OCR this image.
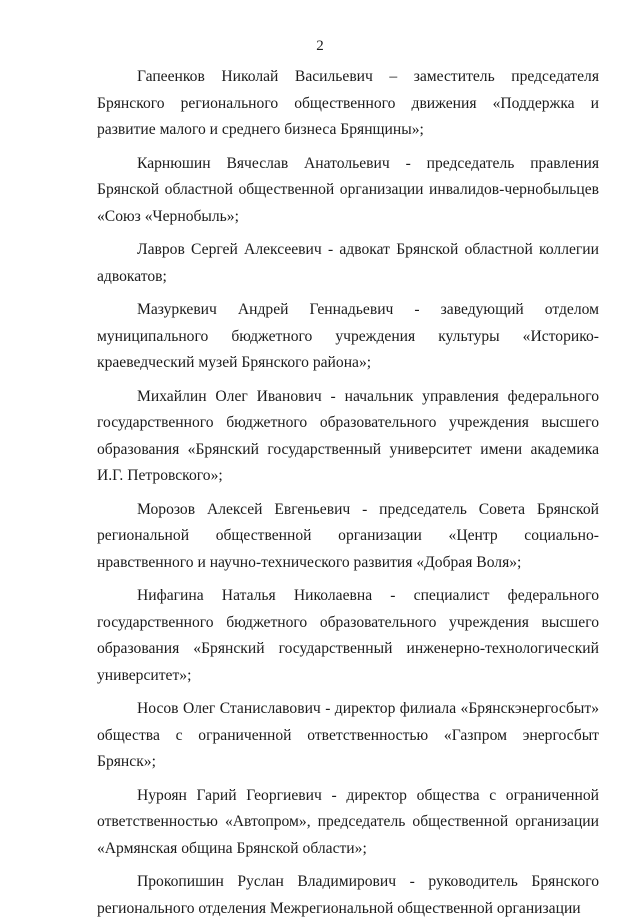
2

Гапеенков Николай Васильевич – заместитель председателя Брянского регионального общественного движения «Поддержка и развитие малого и среднего бизнеса Брянщины»;

Карнюшин Вячеслав Анатольевич - председатель правления Брянской областной общественной организации инвалидов-чернобыльцев «Союз «Чернобыль»;

Лавров Сергей Алексеевич - адвокат Брянской областной коллегии адвокатов;

Мазуркевич Андрей Геннадьевич - заведующий отделом муниципального бюджетного учреждения культуры «Историко-краеведческий музей Брянского района»;

Михайлин Олег Иванович - начальник управления федерального государственного бюджетного образовательного учреждения высшего образования «Брянский государственный университет имени академика И.Г. Петровского»;

Морозов Алексей Евгеньевич - председатель Совета Брянской региональной общественной организации «Центр социально-нравственного и научно-технического развития «Добрая Воля»;

Нифагина Наталья Николаевна - специалист федерального государственного бюджетного образовательного учреждения высшего образования «Брянский государственный инженерно-технологический университет»;

Носов Олег Станиславович - директор филиала «Брянскэнергосбыт» общества с ограниченной ответственностью «Газпром энергосбыт Брянск»;

Нуроян Гарий Георгиевич - директор общества с ограниченной ответственностью «Автопром», председатель общественной организации «Армянская община Брянской области»;

Прокопишин Руслан Владимирович - руководитель Брянского регионального отделения Межрегиональной общественной организации
